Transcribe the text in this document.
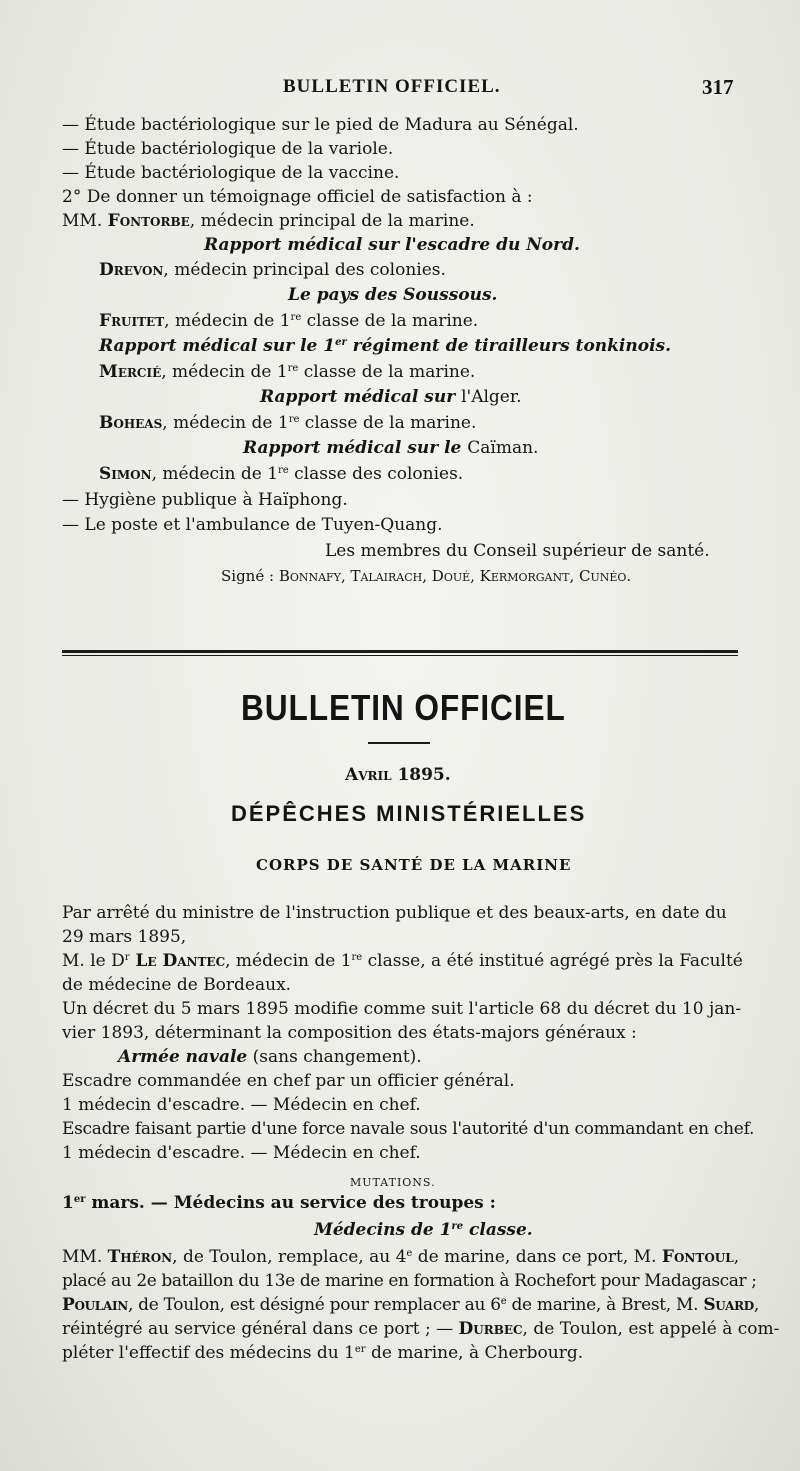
BULLETIN OFFICIEL.	317
— Étude bactériologique sur le pied de Madura au Sénégal.
— Étude bactériologique de la variole.
— Étude bactériologique de la vaccine.
2° De donner un témoignage officiel de satisfaction à :
MM. Fontorbe, médecin principal de la marine.
Rapport médical sur l'escadre du Nord.
Drevon, médecin principal des colonies.
Le pays des Soussous.
Fruitet, médecin de 1re classe de la marine.
Rapport médical sur le 1er régiment de tirailleurs tonkinois.
Mercié, médecin de 1re classe de la marine.
Rapport médical sur l'Alger.
Boheas, médecin de 1re classe de la marine.
Rapport médical sur le Caïman.
Simon, médecin de 1re classe des colonies.
— Hygiène publique à Haïphong.
— Le poste et l'ambulance de Tuyen-Quang.
Les membres du Conseil supérieur de santé.
Signé : Bonnafy, Talairach, Doué, Kermorgant, Cunéo.
BULLETIN OFFICIEL
Avril 1895.
DÉPÊCHES MINISTÉRIELLES
CORPS DE SANTÉ DE LA MARINE
Par arrêté du ministre de l'instruction publique et des beaux-arts, en date du
29 mars 1895,
M. le $D^r$ Le Dantec, médecin de 1re classe, a été institué agrégé près la Faculté
de médecine de Bordeaux.
Un décret du 5 mars 1895 modifie comme suit l'article 68 du décret du 10 jan-
vier 1893, déterminant la composition des états-majors généraux :
Armée navale (sans changement).
Escadre commandée en chef par un officier général.
1 médecin d'escadre. — Médecin en chef.
Escadre faisant partie d'une force navale sous l'autorité d'un commandant en chef.
1 médecin d'escadre. — Médecin en chef.
MUTATIONS.
1er mars. — Médecins au service des troupes :
Médecins de 1re classe.
MM. Théron, de Toulon, remplace, au 4e de marine, dans ce port, M. Fontoul,
placé au 2e bataillon du 13e de marine en formation à Rochefort pour Madagascar ;
Poulain, de Toulon, est désigné pour remplacer au 6e de marine, à Brest, M. Suard,
réintégré au service général dans ce port ; — Durbec, de Toulon, est appelé à com-
pléter l'effectif des médecins du 1er de marine, à Cherbourg.
